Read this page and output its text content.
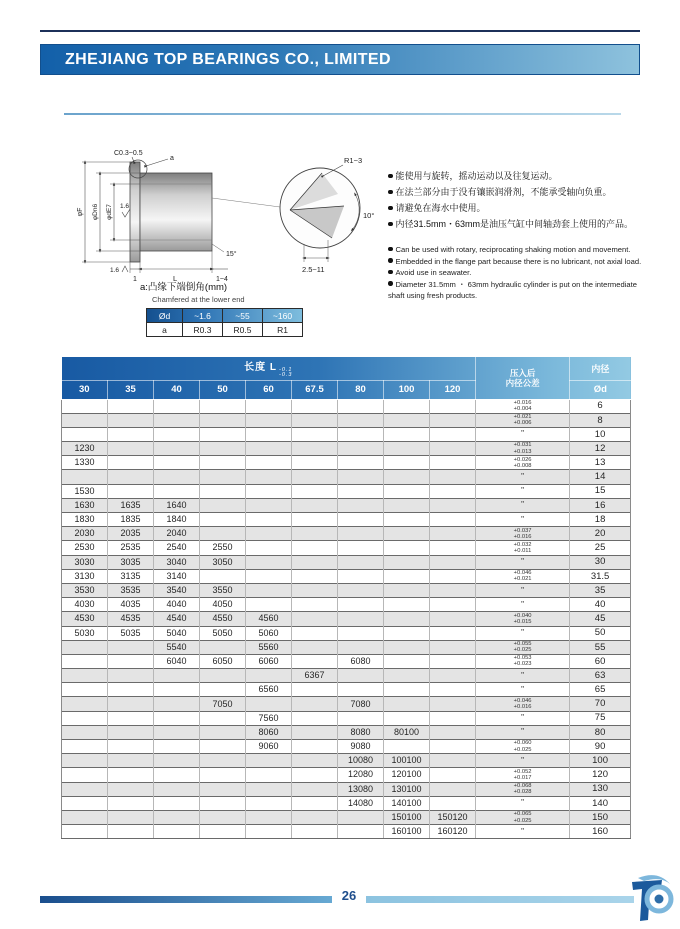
ZHEJIANG TOP BEARINGS CO., LIMITED
C0.3~0.5
a
φF φDn6 φdE7 1.6
1.6
1	L	1~4
15°
R1~3
10°
2.5~11
能使用与旋转，摇动运动以及往复运动。
在法兰部分由于没有镶嵌润滑剂，不能承受轴向负重。
请避免在海水中使用。
内径31.5mm・63mm是油压气缸中间轴劲套上使用的产品。
Can be used with rotary, reciprocating shaking motion and movement.
Embedded in the flange part because there is no lubricant, not axial load.
Avoid use in seawater.
Diameter 31.5mm ・ 63mm hydraulic cylinder is put on the intermediate shaft using fresh products.
a:凸缘下端倒角(mm)
Chamfered at the lower end
Ød	~1.6	~55	~160
a	R0.3	R0.5	R1
长度 L -0.1
-0.3	压入后
内径公差
	内径
30	35	40	50	60	67.5	80	100	120		Ød

									+0.016
+0.004	6

									+0.021
+0.006	8
									"	10
1230									+0.031
+0.013	12
1330									+0.026
+0.008	13
									"	14
1530									"	15
1630	1635	1640							"	16
1830	1835	1840							"	18
2030	2035	2040							+0.037
+0.016	20
2530	2535	2540	2550						+0.032
+0.011	25
3030	3035	3040	3050						"	30
3130	3135	3140							+0.046
+0.021	31.5
3530	3535	3540	3550						"	35
4030	4035	4040	4050						"	40
4530	4535	4540	4550	4560					+0.040
+0.015	45
5030	5035	5040	5050	5060					"	50
		5540		5560					+0.055
+0.025	55
		6040	6050	6060		6080			+0.053
+0.023	60
					6367				"	63
				6560					"	65
			7050			7080			+0.046
+0.016	70
				7560					"	75
				8060		8080	80100		"	80
				9060		9080			+0.060
+0.025	90
						10080	100100		"	100
						12080	120100		+0.052
+0.017	120
						13080	130100		+0.068
+0.028	130
						14080	140100		"	140
							150100	150120	+0.065
+0.025	150
							160100	160120	"	160
26
